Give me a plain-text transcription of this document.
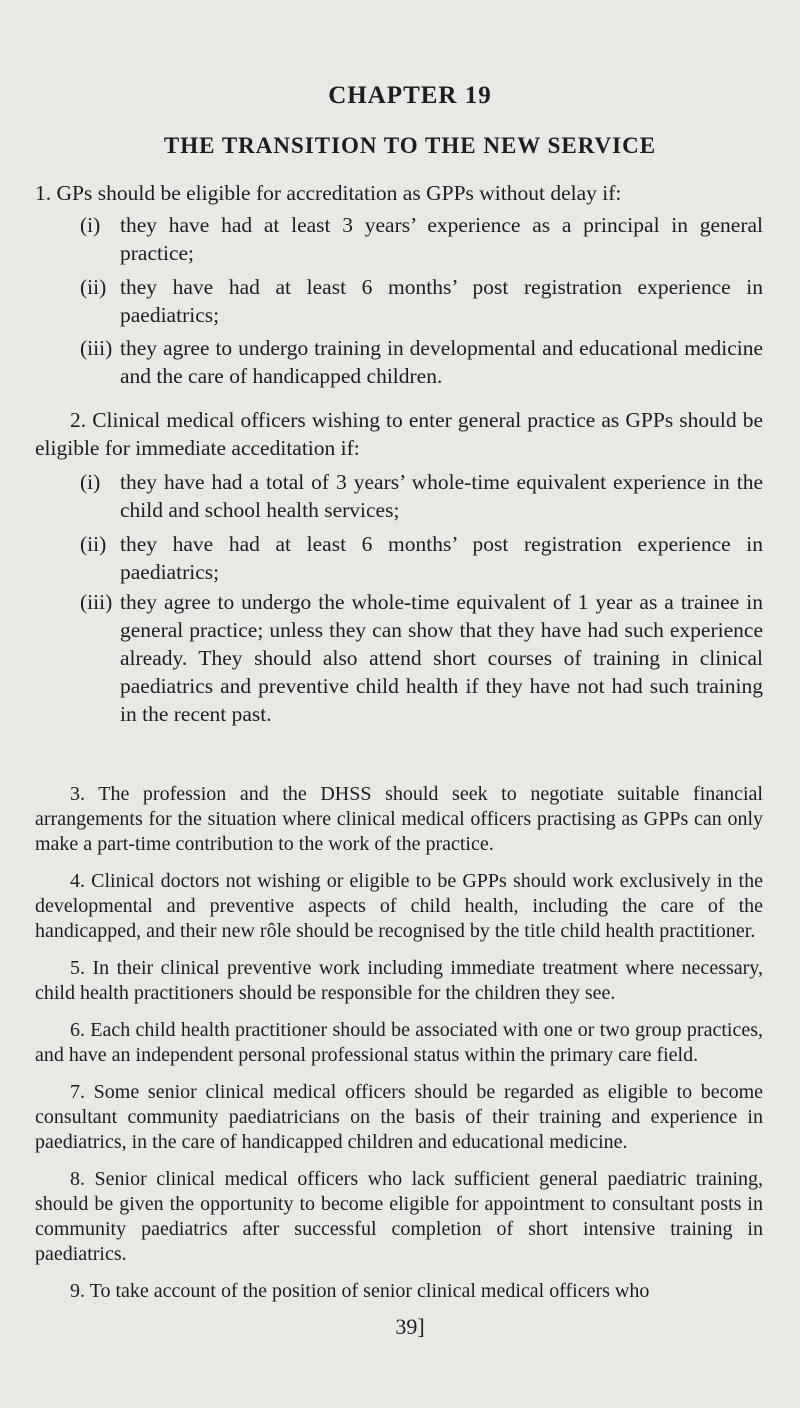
CHAPTER 19
THE TRANSITION TO THE NEW SERVICE
1. GPs should be eligible for accreditation as GPPs without delay if:
(i) they have had at least 3 years’ experience as a principal in general practice;
(ii) they have had at least 6 months’ post registration experience in paediatrics;
(iii) they agree to undergo training in developmental and educational medicine and the care of handicapped children.
2. Clinical medical officers wishing to enter general practice as GPPs should be eligible for immediate acceditation if:
(i) they have had a total of 3 years’ whole-time equivalent experience in the child and school health services;
(ii) they have had at least 6 months’ post registration experience in paediatrics;
(iii) they agree to undergo the whole-time equivalent of 1 year as a trainee in general practice; unless they can show that they have had such experience already. They should also attend short courses of training in clinical paediatrics and preventive child health if they have not had such training in the recent past.
3. The profession and the DHSS should seek to negotiate suitable financial arrangements for the situation where clinical medical officers practising as GPPs can only make a part-time contribution to the work of the practice.
4. Clinical doctors not wishing or eligible to be GPPs should work exclusively in the developmental and preventive aspects of child health, including the care of the handicapped, and their new rôle should be recognised by the title child health practitioner.
5. In their clinical preventive work including immediate treatment where necessary, child health practitioners should be responsible for the children they see.
6. Each child health practitioner should be associated with one or two group practices, and have an independent personal professional status within the primary care field.
7. Some senior clinical medical officers should be regarded as eligible to become consultant community paediatricians on the basis of their training and experience in paediatrics, in the care of handicapped children and educational medicine.
8. Senior clinical medical officers who lack sufficient general paediatric training, should be given the opportunity to become eligible for appointment to consultant posts in community paediatrics after successful completion of short intensive training in paediatrics.
9. To take account of the position of senior clinical medical officers who
39]
